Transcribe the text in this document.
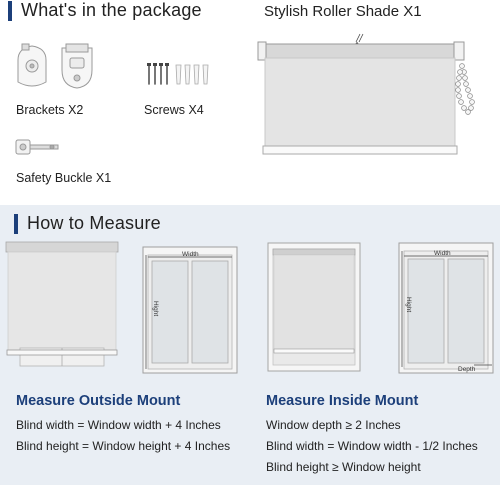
What's in the package
Brackets X2	Screws X4
Safety Buckle X1
Stylish Roller Shade X1
How to Measure
Width
Hight
Width
Hight
Depth
Measure Outside Mount
Blind width = Window width + 4 Inches
Blind height = Window height + 4 Inches
Measure Inside Mount
Window depth ≥ 2 Inches
Blind width = Window width - 1/2 Inches
Blind height ≥ Window height
